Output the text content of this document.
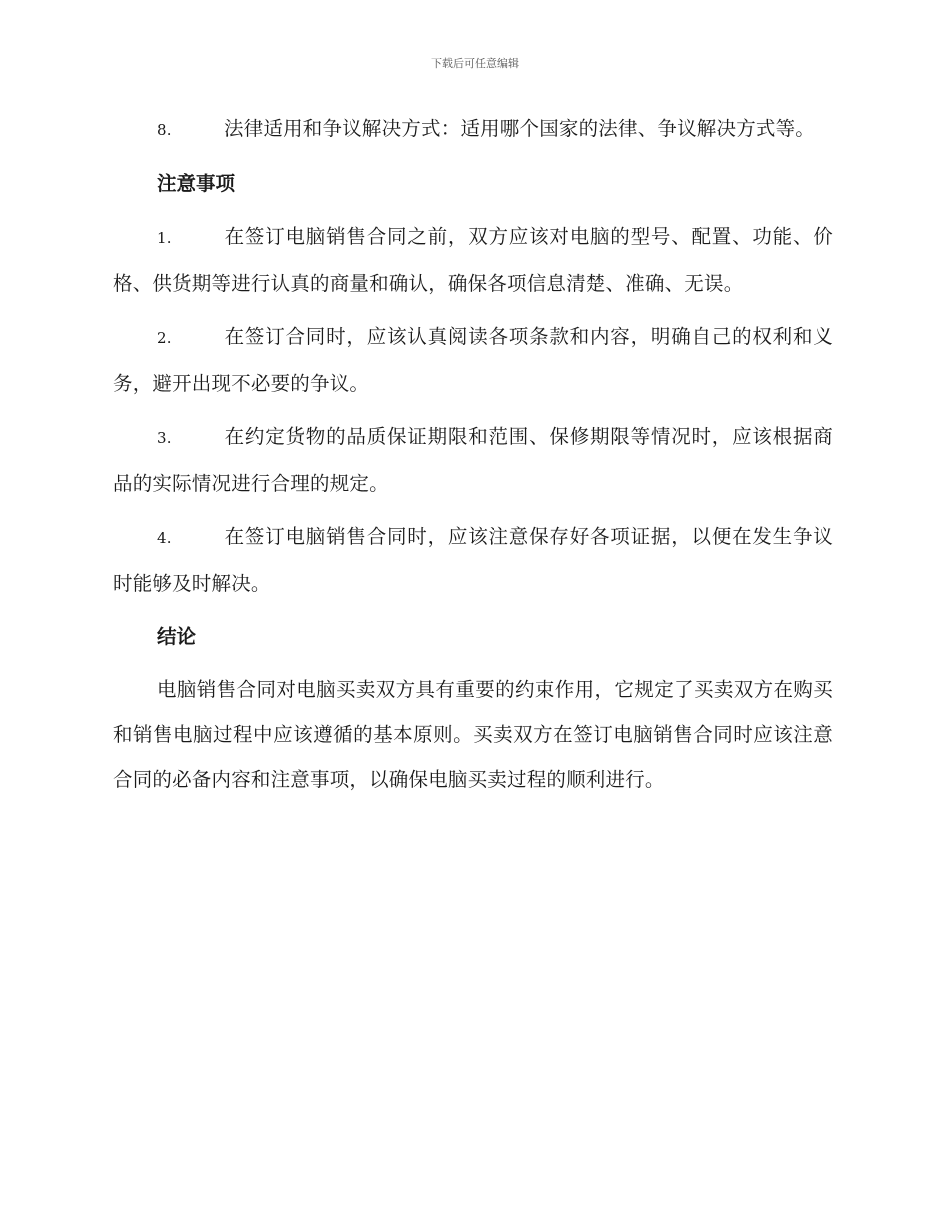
下载后可任意编辑

8.	法律适用和争议解决方式：适用哪个国家的法律、争议解决方式等。

注意事项

1.	在签订电脑销售合同之前，双方应该对电脑的型号、配置、功能、价格、供货期等进行认真的商量和确认，确保各项信息清楚、准确、无误。

2.	在签订合同时，应该认真阅读各项条款和内容，明确自己的权利和义务，避开出现不必要的争议。

3.	在约定货物的品质保证期限和范围、保修期限等情况时，应该根据商品的实际情况进行合理的规定。

4.	在签订电脑销售合同时，应该注意保存好各项证据，以便在发生争议时能够及时解决。

结论

电脑销售合同对电脑买卖双方具有重要的约束作用，它规定了买卖双方在购买和销售电脑过程中应该遵循的基本原则。买卖双方在签订电脑销售合同时应该注意合同的必备内容和注意事项，以确保电脑买卖过程的顺利进行。
